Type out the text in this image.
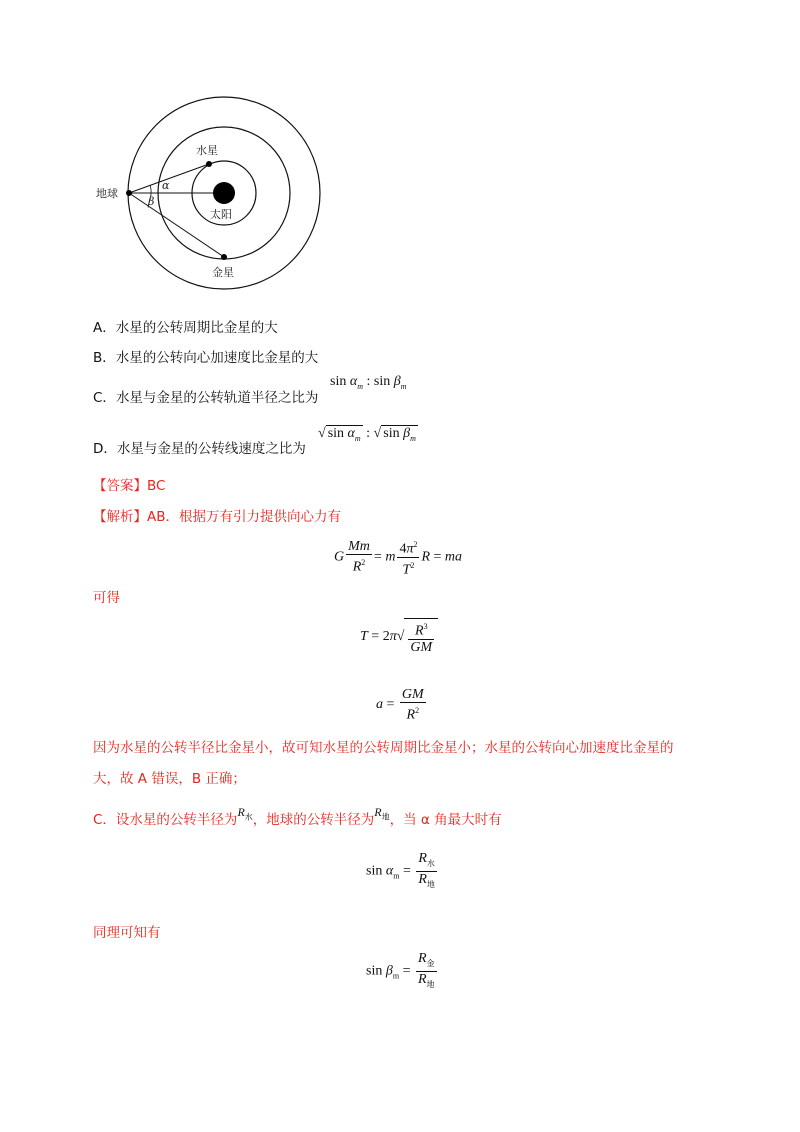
地球
水星
金星
太阳
α
β
A．水星的公转周期比金星的大
B．水星的公转向心加速度比金星的大
C．水星与金星的公转轨道半径之比为
$\sin \alpha_m$ : $\sin \beta_m$
D．水星与金星的公转线速度之比为
√ $\sin \alpha_m$ : √ $\sin \beta_m$
【答案】BC
【解析】AB．根据万有引力提供向心力有
G $\frac{Mm}{R^2} = m \frac{4\pi^2}{T^2}$ R = ma
可得
$T = 2\pi√ \frac{R^3}{GM}$
$a = \frac{GM}{R^2}$
因为水星的公转半径比金星小，故可知水星的公转周期比金星小；水星的公转向心加速度比金星的
大，故 A 错误，B 正确；
C．设水星的公转半径为$R_水$，地球的公转半径为$R_地$，当 α 角最大时有
$\sin \alpha_m = \frac{R_水}{R_地}$
同理可知有
$\sin \beta_m = \frac{R_金}{R_地}$
